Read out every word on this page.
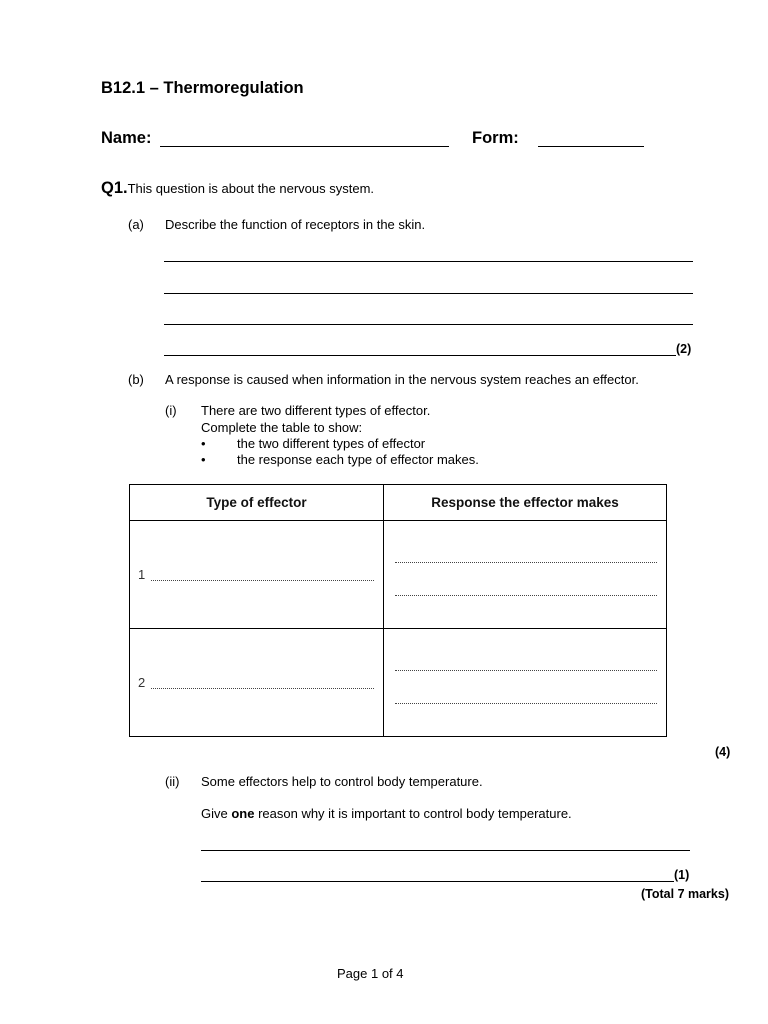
B12.1 – Thermoregulation
Name:	Form:
Q1.This question is about the nervous system.
(a) Describe the function of receptors in the skin.
(2)
(b) A response is caused when information in the nervous system reaches an effector.
(i) There are two different types of effector.
Complete the table to show:
• the two different types of effector
• the response each type of effector makes.
Type of effector	Response the effector makes

1	

2	

(4)
(ii) Some effectors help to control body temperature.
Give one reason why it is important to control body temperature.
(1)
(Total 7 marks)
Page 1 of 4
